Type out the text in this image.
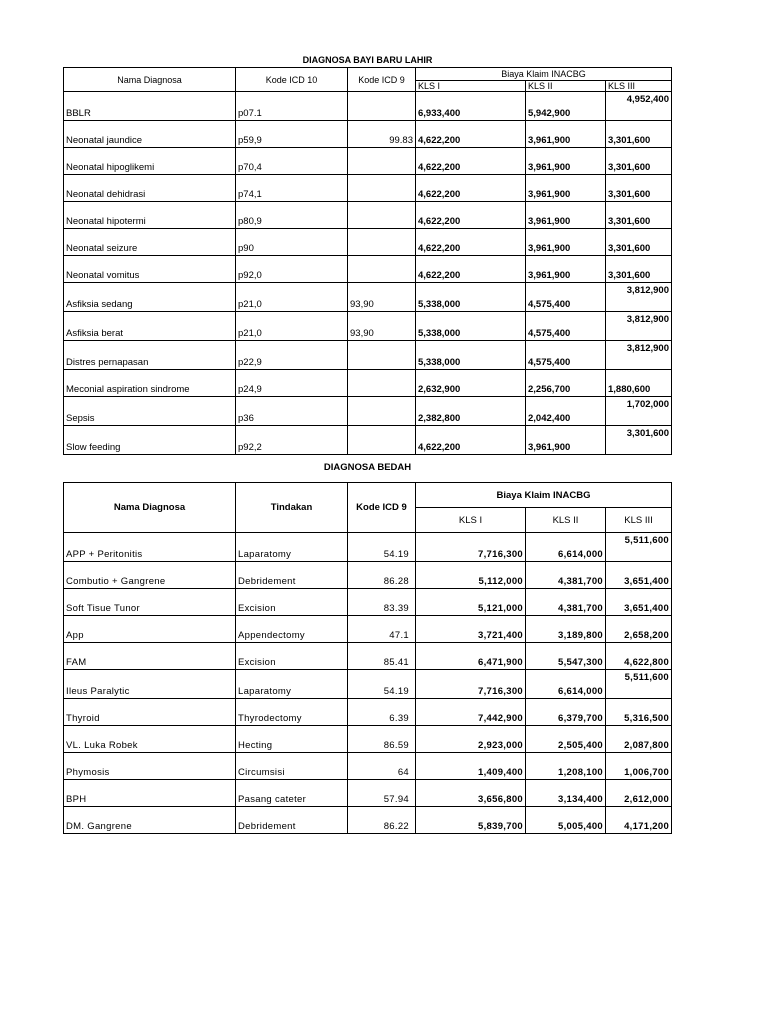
DIAGNOSA BAYI BARU LAHIR
Nama Diagnosa	Kode ICD 10	Kode ICD 9	Biaya Klaim INACBG		
			KLS I	KLS II	KLS III
BBLR	p07.1		6,933,400	5,942,900	4,952,400
Neonatal jaundice	p59,9	99.83	4,622,200	3,961,900	3,301,600
Neonatal hipoglikemi	p70,4		4,622,200	3,961,900	3,301,600
Neonatal dehidrasi	p74,1		4,622,200	3,961,900	3,301,600
Neonatal hipotermi	p80,9		4,622,200	3,961,900	3,301,600
Neonatal seizure	p90		4,622,200	3,961,900	3,301,600
Neonatal vomitus	p92,0		4,622,200	3,961,900	3,301,600
Asfiksia sedang	p21,0	93,90	5,338,000	4,575,400	3,812,900
Asfiksia berat	p21,0	93,90	5,338,000	4,575,400	3,812,900
Distres pernapasan	p22,9		5,338,000	4,575,400	3,812,900
Meconial aspiration sindrome	p24,9		2,632,900	2,256,700	1,880,600
Sepsis	p36		2,382,800	2,042,400	1,702,000
Slow feeding	p92,2		4,622,200	3,961,900	3,301,600
DIAGNOSA BEDAH
Nama Diagnosa	Tindakan	Kode ICD 9	Biaya Klaim INACBG		
			KLS I	KLS II	KLS III
APP + Peritonitis	Laparatomy	54.19	7,716,300	6,614,000	5,511,600
Combutio + Gangrene	Debridement	86.28	5,112,000	4,381,700	3,651,400
Soft Tisue Tunor	Excision	83.39	5,121,000	4,381,700	3,651,400
App	Appendectomy	47.1	3,721,400	3,189,800	2,658,200
FAM	Excision	85.41	6,471,900	5,547,300	4,622,800
Ileus Paralytic	Laparatomy	54.19	7,716,300	6,614,000	5,511,600
Thyroid	Thyrodectomy	6.39	7,442,900	6,379,700	5,316,500
VL. Luka Robek	Hecting	86.59	2,923,000	2,505,400	2,087,800
Phymosis	Circumsisi	64	1,409,400	1,208,100	1,006,700
BPH	Pasang cateter	57.94	3,656,800	3,134,400	2,612,000
DM. Gangrene	Debridement	86.22	5,839,700	5,005,400	4,171,200
